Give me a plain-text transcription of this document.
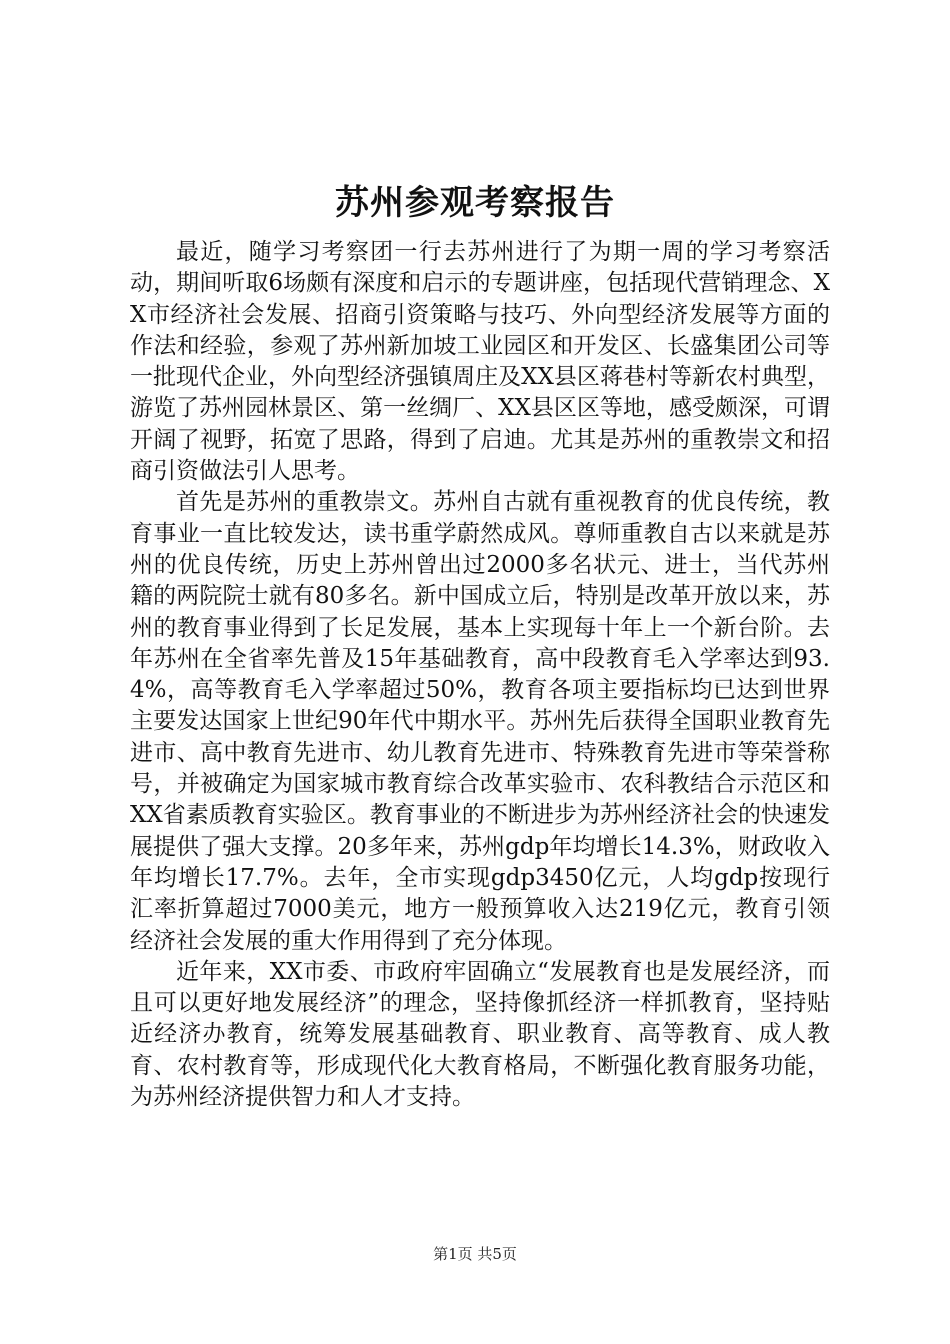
苏州参观考察报告

最近，随学习考察团一行去苏州进行了为期一周的学习考察活动，期间听取6场颇有深度和启示的专题讲座，包括现代营销理念、XX市经济社会发展、招商引资策略与技巧、外向型经济发展等方面的作法和经验，参观了苏州新加坡工业园区和开发区、长盛集团公司等一批现代企业，外向型经济强镇周庄及XX县区蒋巷村等新农村典型，游览了苏州园林景区、第一丝绸厂、XX县区区等地，感受颇深，可谓开阔了视野，拓宽了思路，得到了启迪。尤其是苏州的重教崇文和招商引资做法引人思考。

首先是苏州的重教崇文。苏州自古就有重视教育的优良传统，教育事业一直比较发达，读书重学蔚然成风。尊师重教自古以来就是苏州的优良传统，历史上苏州曾出过2000多名状元、进士，当代苏州籍的两院院士就有80多名。新中国成立后，特别是改革开放以来，苏州的教育事业得到了长足发展，基本上实现每十年上一个新台阶。去年苏州在全省率先普及15年基础教育，高中段教育毛入学率达到93.4%，高等教育毛入学率超过50%，教育各项主要指标均已达到世界主要发达国家上世纪90年代中期水平。苏州先后获得全国职业教育先进市、高中教育先进市、幼儿教育先进市、特殊教育先进市等荣誉称号，并被确定为国家城市教育综合改革实验市、农科教结合示范区和XX省素质教育实验区。教育事业的不断进步为苏州经济社会的快速发展提供了强大支撑。20多年来，苏州gdp年均增长14.3%，财政收入年均增长17.7%。去年，全市实现gdp3450亿元，人均gdp按现行汇率折算超过7000美元，地方一般预算收入达219亿元，教育引领经济社会发展的重大作用得到了充分体现。

近年来，XX市委、市政府牢固确立“发展教育也是发展经济，而且可以更好地发展经济”的理念，坚持像抓经济一样抓教育，坚持贴近经济办教育，统筹发展基础教育、职业教育、高等教育、成人教育、农村教育等，形成现代化大教育格局，不断强化教育服务功能，为苏州经济提供智力和人才支持。

第1页 共5页
